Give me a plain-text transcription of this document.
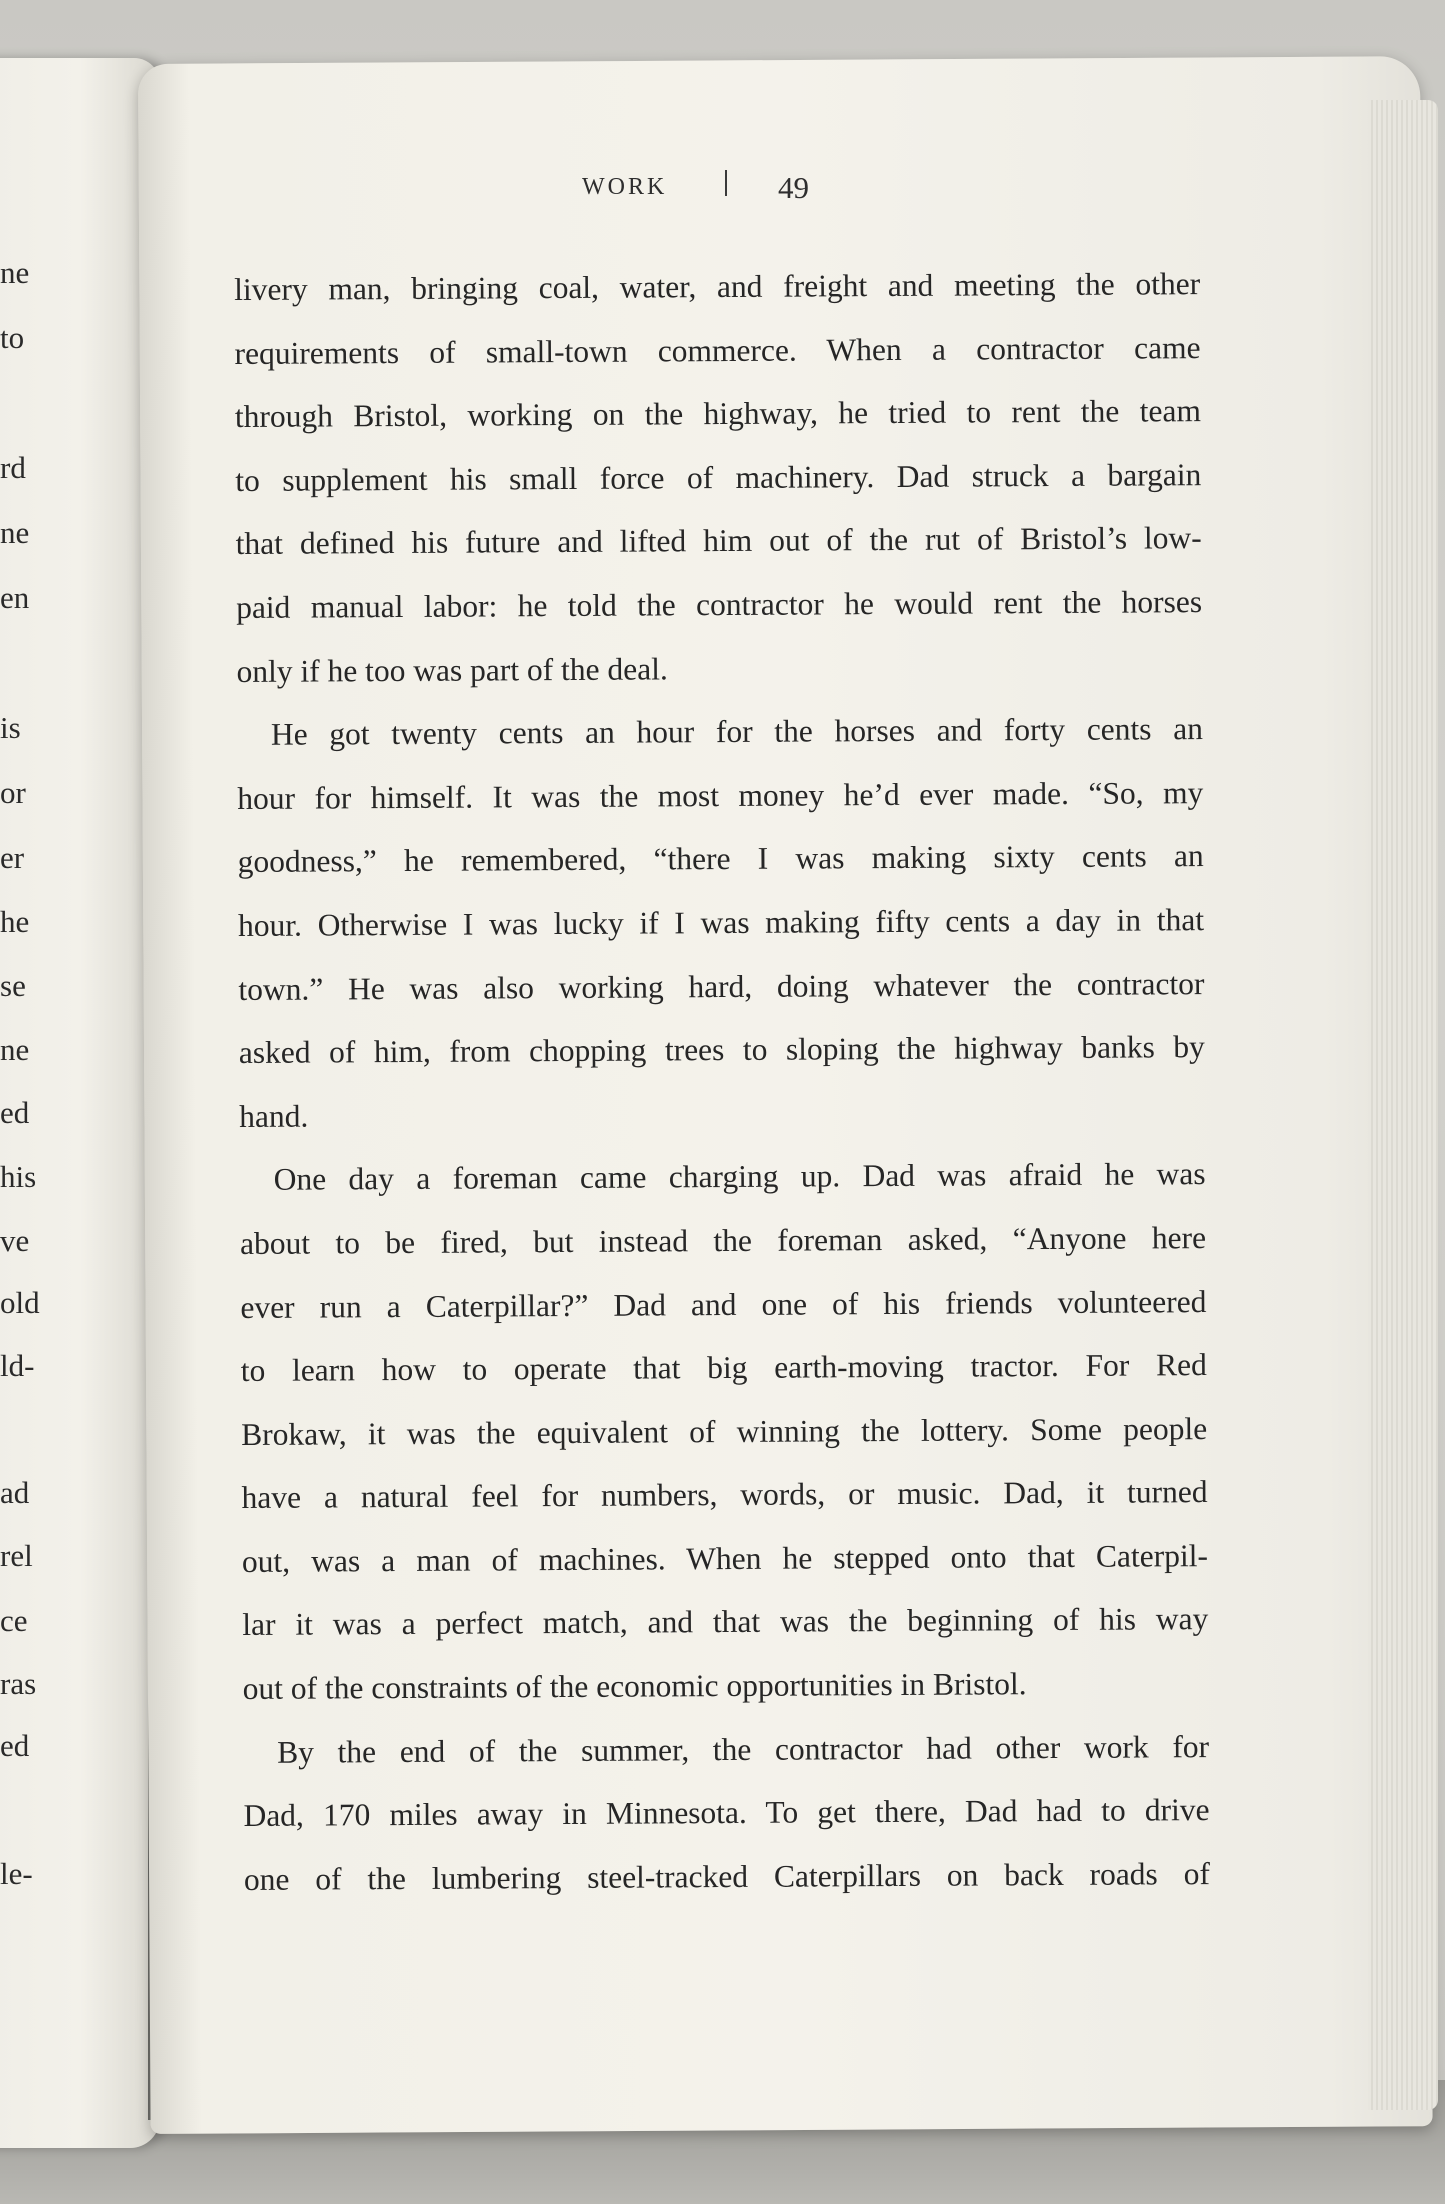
ne
to
rd
ne
en
is
or
er
he
se
ne
ed
his
ve
old
ld-
ad
rel
ce
ras
ed
le-
WORK	49
livery man, bringing coal, water, and freight and meeting the other
requirements of small-town commerce. When a contractor came
through Bristol, working on the highway, he tried to rent the team
to supplement his small force of machinery. Dad struck a bargain
that defined his future and lifted him out of the rut of Bristol’s low-
paid manual labor: he told the contractor he would rent the horses
only if he too was part of the deal.
He got twenty cents an hour for the horses and forty cents an
hour for himself. It was the most money he’d ever made. “So, my
goodness,” he remembered, “there I was making sixty cents an
hour. Otherwise I was lucky if I was making fifty cents a day in that
town.” He was also working hard, doing whatever the contractor
asked of him, from chopping trees to sloping the highway banks by
hand.
One day a foreman came charging up. Dad was afraid he was
about to be fired, but instead the foreman asked, “Anyone here
ever run a Caterpillar?” Dad and one of his friends volunteered
to learn how to operate that big earth-moving tractor. For Red
Brokaw, it was the equivalent of winning the lottery. Some people
have a natural feel for numbers, words, or music. Dad, it turned
out, was a man of machines. When he stepped onto that Caterpil-
lar it was a perfect match, and that was the beginning of his way
out of the constraints of the economic opportunities in Bristol.
By the end of the summer, the contractor had other work for
Dad, 170 miles away in Minnesota. To get there, Dad had to drive
one of the lumbering steel-tracked Caterpillars on back roads of
